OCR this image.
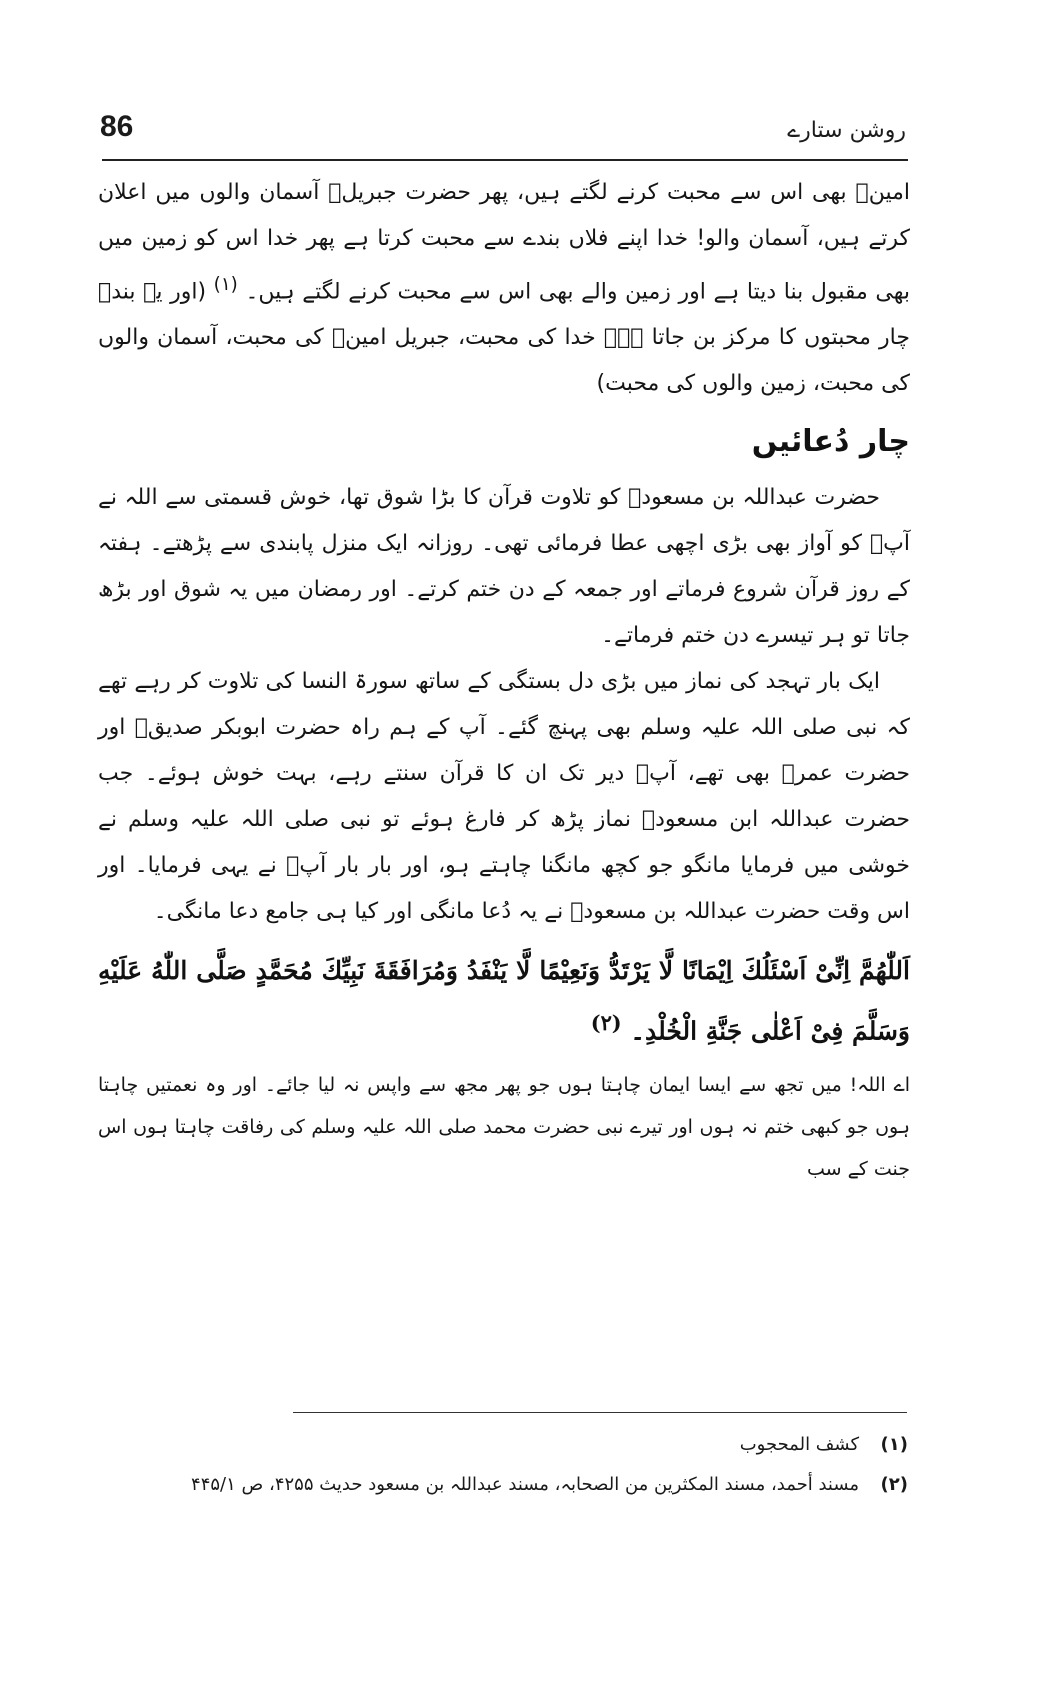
86	روشن ستارے

امینؑ بھی اس سے محبت کرنے لگتے ہیں، پھر حضرت جبریلؑ آسمان والوں میں اعلان کرتے ہیں، آسمان والو! خدا اپنے فلاں بندے سے محبت کرتا ہے پھر خدا اس کو زمین میں بھی مقبول بنا دیتا ہے اور زمین والے بھی اس سے محبت کرنے لگتے ہیں۔ $^{(۱)}$ (اور یہ بندہ چار محبتوں کا مرکز بن جاتا ہے۔ خدا کی محبت، جبریل امینؑ کی محبت، آسمان والوں کی محبت، زمین والوں کی محبت)

چار دُعائیں

حضرت عبداللہ بن مسعودؓ کو تلاوت قرآن کا بڑا شوق تھا، خوش قسمتی سے اللہ نے آپؓ کو آواز بھی بڑی اچھی عطا فرمائی تھی۔ روزانہ ایک منزل پابندی سے پڑھتے۔ ہفتہ کے روز قرآن شروع فرماتے اور جمعہ کے دن ختم کرتے۔ اور رمضان میں یہ شوق اور بڑھ جاتا تو ہر تیسرے دن ختم فرماتے۔

ایک بار تہجد کی نماز میں بڑی دل بستگی کے ساتھ سورۃ النسا کی تلاوت کر رہے تھے کہ نبی صلی اللہ علیہ وسلم بھی پہنچ گئے۔ آپ کے ہم راہ حضرت ابوبکر صدیقؓ اور حضرت عمرؓ بھی تھے، آپؐ دیر تک ان کا قرآن سنتے رہے، بہت خوش ہوئے۔ جب حضرت عبداللہ ابن مسعودؓ نماز پڑھ کر فارغ ہوئے تو نبی صلی اللہ علیہ وسلم نے خوشی میں فرمایا مانگو جو کچھ مانگنا چاہتے ہو، اور بار بار آپؐ نے یہی فرمایا۔ اور اس وقت حضرت عبداللہ بن مسعودؓ نے یہ دُعا مانگی اور کیا ہی جامع دعا مانگی۔

اَللّٰهُمَّ اِنِّیْ اَسْئَلُكَ اِیْمَانًا لَّا یَرْتَدُّ وَنَعِیْمًا لَّا یَنْفَدُ وَمُرَافَقَةَ نَبِیِّكَ مُحَمَّدٍ صَلَّی اللّٰهُ عَلَیْهِ وَسَلَّمَ فِیْ اَعْلٰی جَنَّةِ الْخُلْدِ۔ $^{(۲)}$

اے اللہ! میں تجھ سے ایسا ایمان چاہتا ہوں جو پھر مجھ سے واپس نہ لیا جائے۔ اور وہ نعمتیں چاہتا ہوں جو کبھی ختم نہ ہوں اور تیرے نبی حضرت محمد صلی اللہ علیہ وسلم کی رفاقت چاہتا ہوں اس جنت کے سب

(۱)  کشف المحجوب

(۲)  مسند أحمد، مسند المکثرین من الصحابہ، مسند عبداللہ بن مسعود حدیث ۴۲۵۵، ص ۴۴۵/۱
